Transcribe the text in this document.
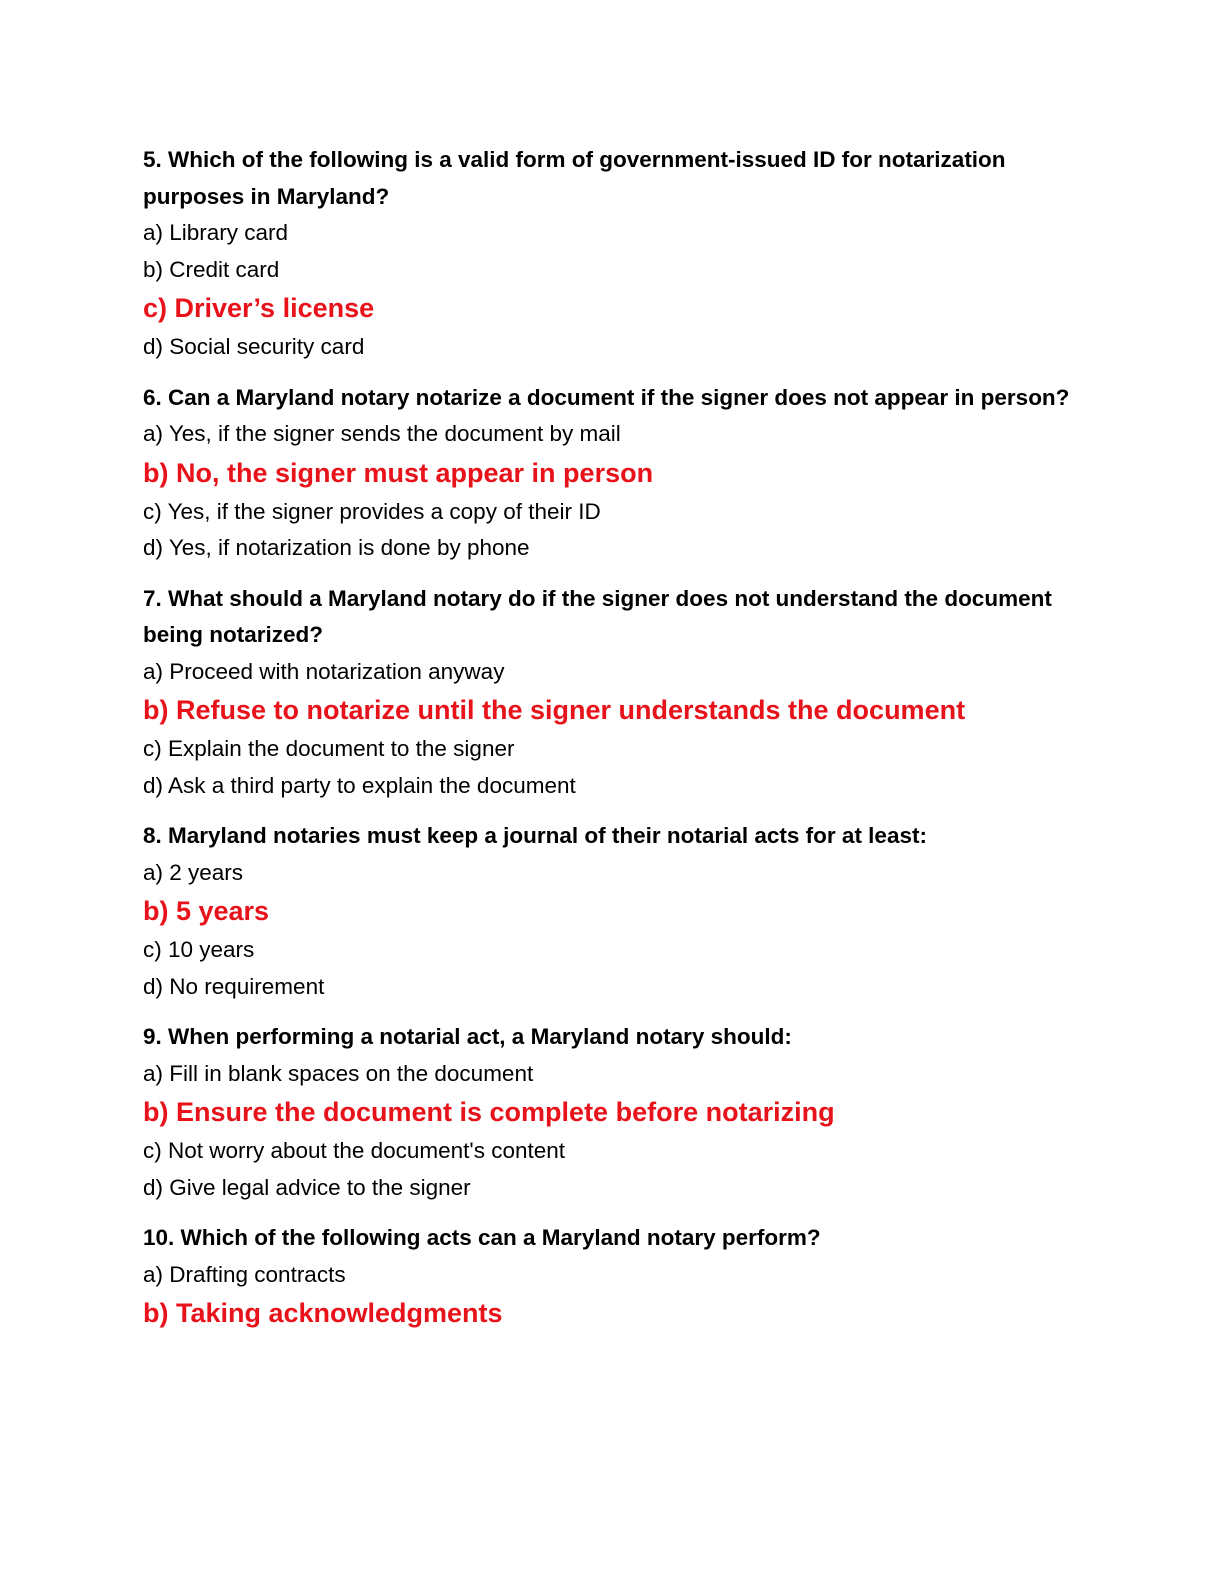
5. Which of the following is a valid form of government-issued ID for notarization purposes in Maryland?

a) Library card

b) Credit card

c) Driver’s license

d) Social security card

6. Can a Maryland notary notarize a document if the signer does not appear in person?

a) Yes, if the signer sends the document by mail

b) No, the signer must appear in person

c) Yes, if the signer provides a copy of their ID

d) Yes, if notarization is done by phone

7. What should a Maryland notary do if the signer does not understand the document being notarized?

a) Proceed with notarization anyway

b) Refuse to notarize until the signer understands the document

c) Explain the document to the signer

d) Ask a third party to explain the document

8. Maryland notaries must keep a journal of their notarial acts for at least:

a) 2 years

b) 5 years

c) 10 years

d) No requirement

9. When performing a notarial act, a Maryland notary should:

a) Fill in blank spaces on the document

b) Ensure the document is complete before notarizing

c) Not worry about the document's content

d) Give legal advice to the signer

10. Which of the following acts can a Maryland notary perform?

a) Drafting contracts

b) Taking acknowledgments
